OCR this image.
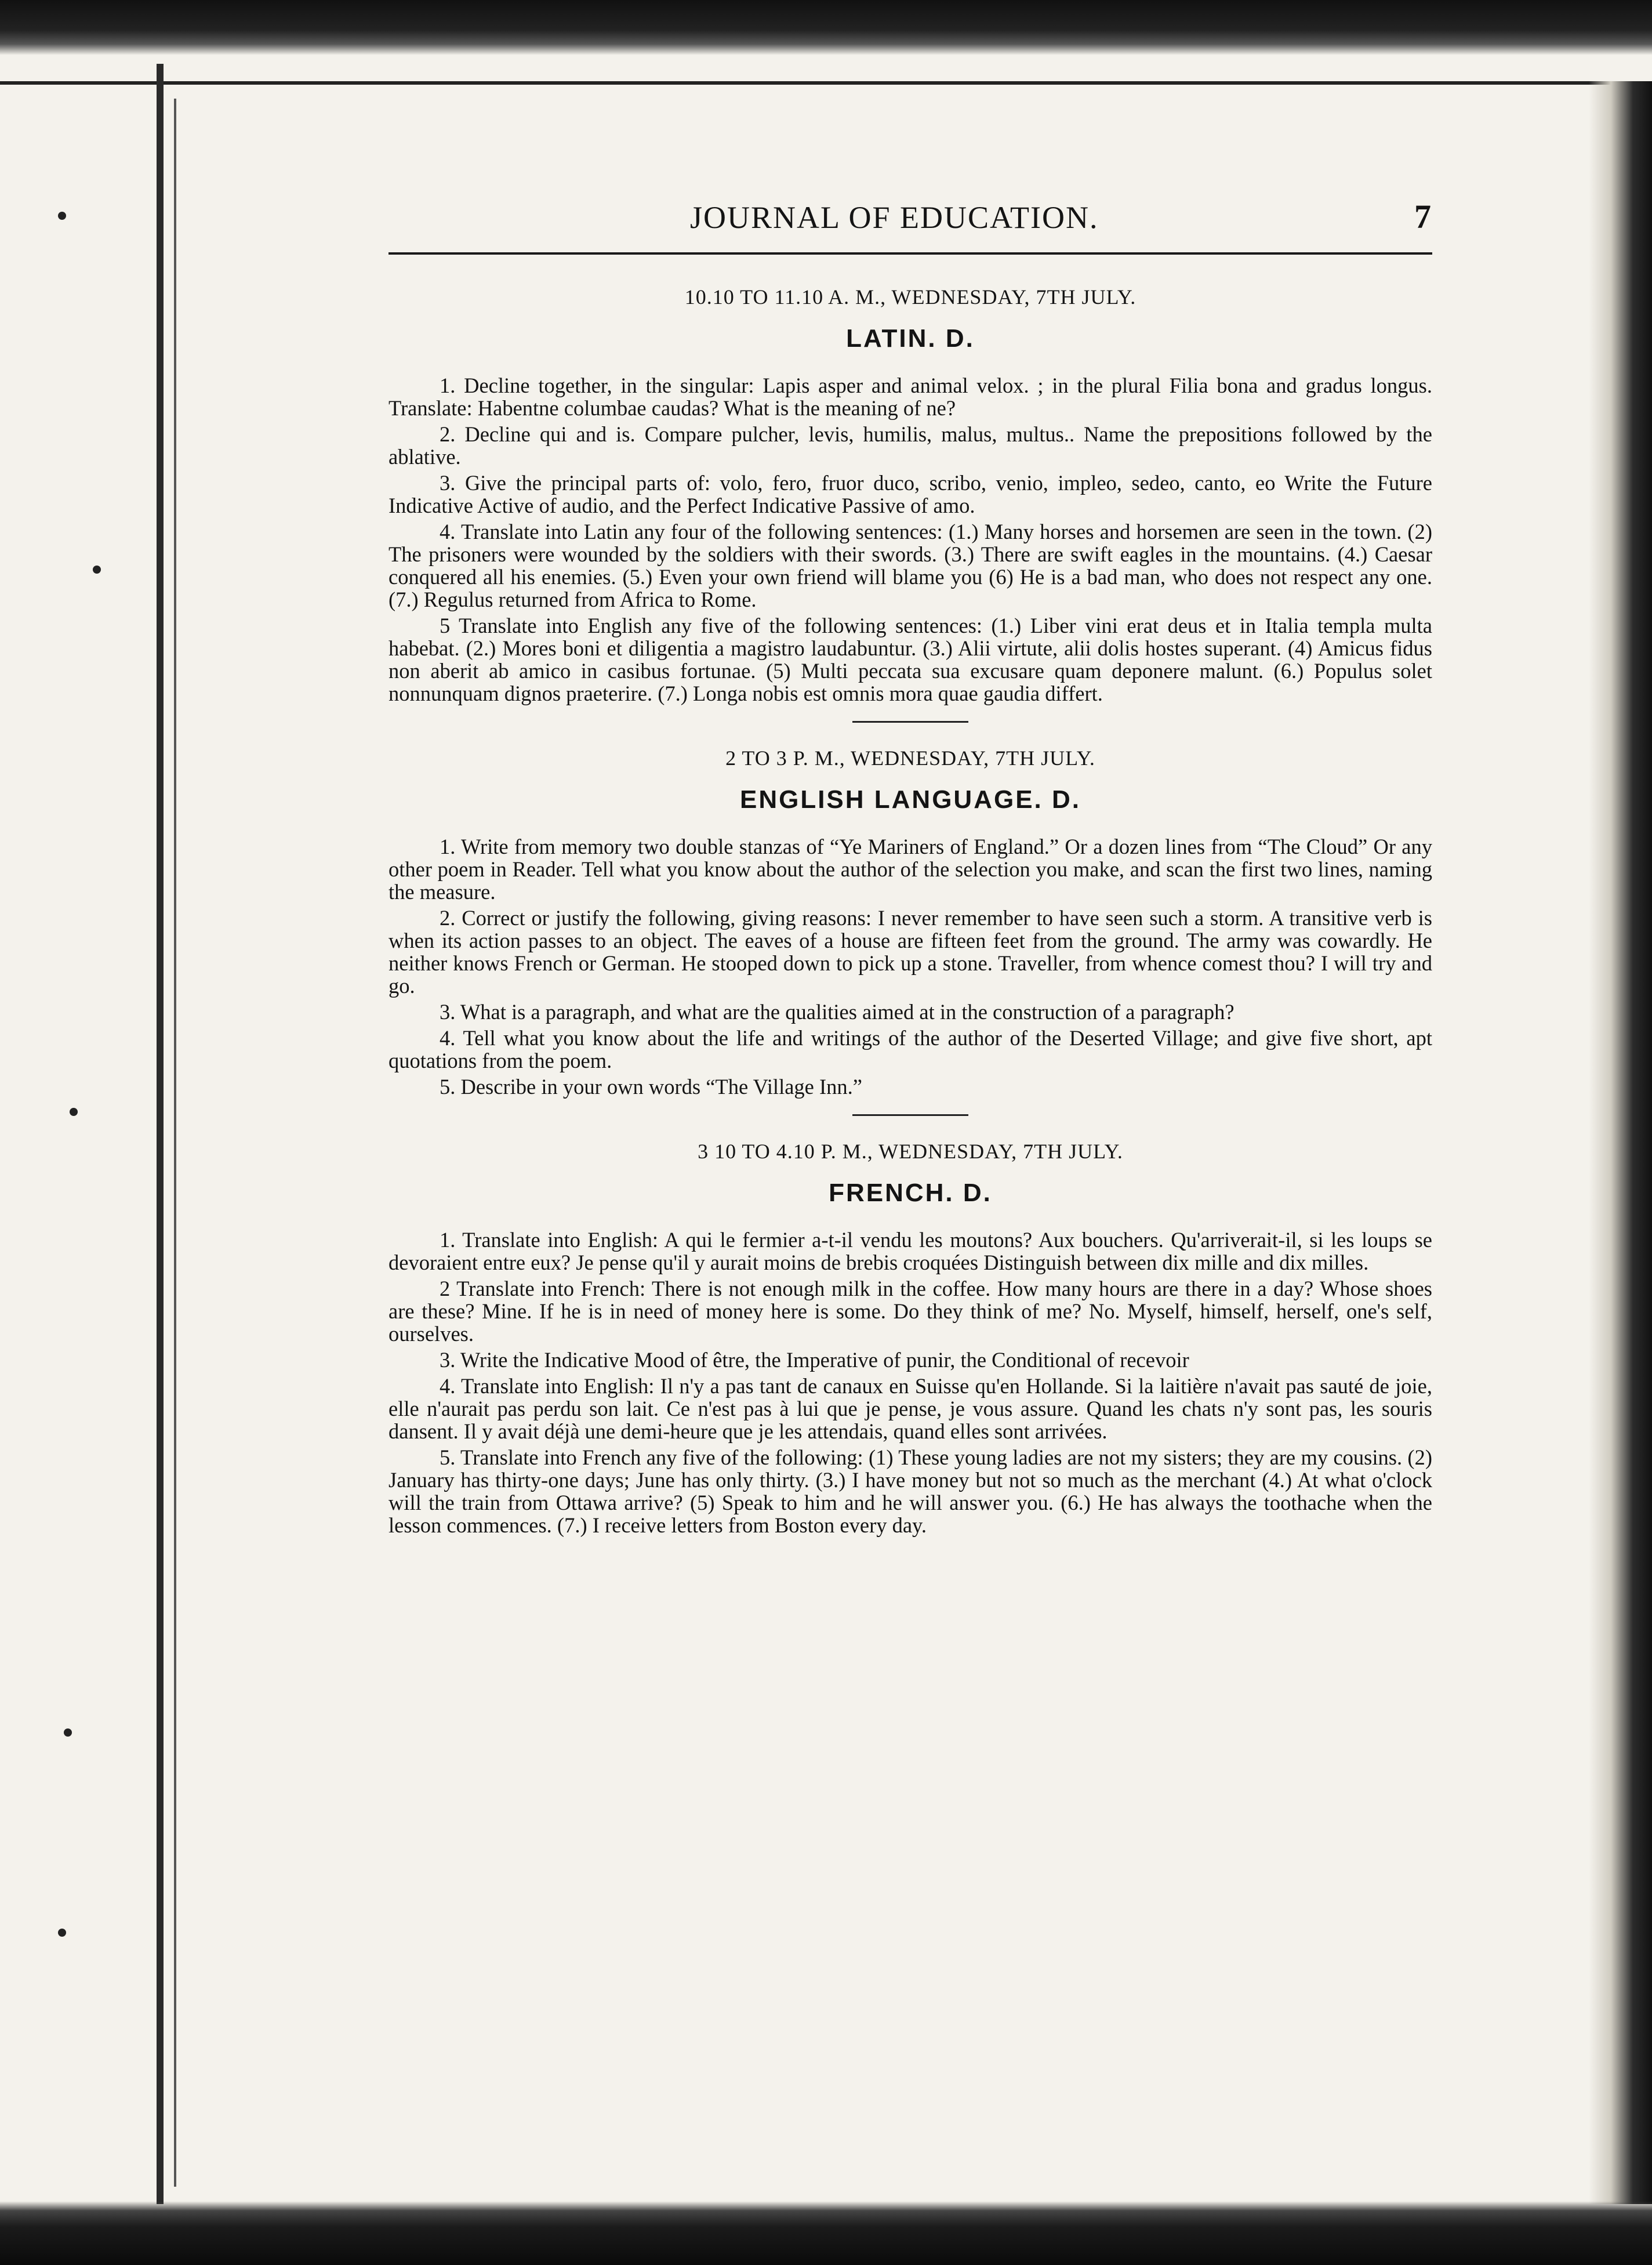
JOURNAL OF EDUCATION.	7
10.10 TO 11.10 A. M., WEDNESDAY, 7TH JULY.
LATIN. D.

1. Decline together, in the singular: Lapis asper and animal velox. ; in the plural Filia bona and gradus longus. Translate: Habentne columbae caudas? What is the meaning of ne?

2. Decline qui and is. Compare pulcher, levis, humilis, malus, multus.. Name the prepositions followed by the ablative.

3. Give the principal parts of: volo, fero, fruor duco, scribo, venio, impleo, sedeo, canto, eo Write the Future Indicative Active of audio, and the Perfect Indicative Passive of amo.

4. Translate into Latin any four of the following sentences: (1.) Many horses and horsemen are seen in the town. (2) The prisoners were wounded by the soldiers with their swords. (3.) There are swift eagles in the mountains. (4.) Caesar conquered all his enemies. (5.) Even your own friend will blame you (6) He is a bad man, who does not respect any one. (7.) Regulus returned from Africa to Rome.

5 Translate into English any five of the following sentences: (1.) Liber vini erat deus et in Italia templa multa habebat. (2.) Mores boni et diligentia a magistro laudabuntur. (3.) Alii virtute, alii dolis hostes superant. (4) Amicus fidus non aberit ab amico in casibus fortunae. (5) Multi peccata sua excusare quam deponere malunt. (6.) Populus solet nonnunquam dignos praeterire. (7.) Longa nobis est omnis mora quae gaudia differt.

2 TO 3 P. M., WEDNESDAY, 7TH JULY.
ENGLISH LANGUAGE. D.

1. Write from memory two double stanzas of “Ye Mariners of England.” Or a dozen lines from “The Cloud” Or any other poem in Reader. Tell what you know about the author of the selection you make, and scan the first two lines, naming the measure.

2. Correct or justify the following, giving reasons: I never remember to have seen such a storm. A transitive verb is when its action passes to an object. The eaves of a house are fifteen feet from the ground. The army was cowardly. He neither knows French or German. He stooped down to pick up a stone. Traveller, from whence comest thou? I will try and go.

3. What is a paragraph, and what are the qualities aimed at in the construction of a paragraph?

4. Tell what you know about the life and writings of the author of the Deserted Village; and give five short, apt quotations from the poem.

5. Describe in your own words “The Village Inn.”

3 10 TO 4.10 P. M., WEDNESDAY, 7TH JULY.
FRENCH. D.

1. Translate into English: A qui le fermier a-t-il vendu les moutons? Aux bouchers. Qu'arriverait-il, si les loups se devoraient entre eux? Je pense qu'il y aurait moins de brebis croquées Distinguish between dix mille and dix milles.

2 Translate into French: There is not enough milk in the coffee. How many hours are there in a day? Whose shoes are these? Mine. If he is in need of money here is some. Do they think of me? No. Myself, himself, herself, one's self, ourselves.

3. Write the Indicative Mood of être, the Imperative of punir, the Conditional of recevoir

4. Translate into English: Il n'y a pas tant de canaux en Suisse qu'en Hollande. Si la laitière n'avait pas sauté de joie, elle n'aurait pas perdu son lait. Ce n'est pas à lui que je pense, je vous assure. Quand les chats n'y sont pas, les souris dansent. Il y avait déjà une demi-heure que je les attendais, quand elles sont arrivées.

5. Translate into French any five of the following: (1) These young ladies are not my sisters; they are my cousins. (2) January has thirty-one days; June has only thirty. (3.) I have money but not so much as the merchant (4.) At what o'clock will the train from Ottawa arrive? (5) Speak to him and he will answer you. (6.) He has always the toothache when the lesson commences. (7.) I receive letters from Boston every day.
